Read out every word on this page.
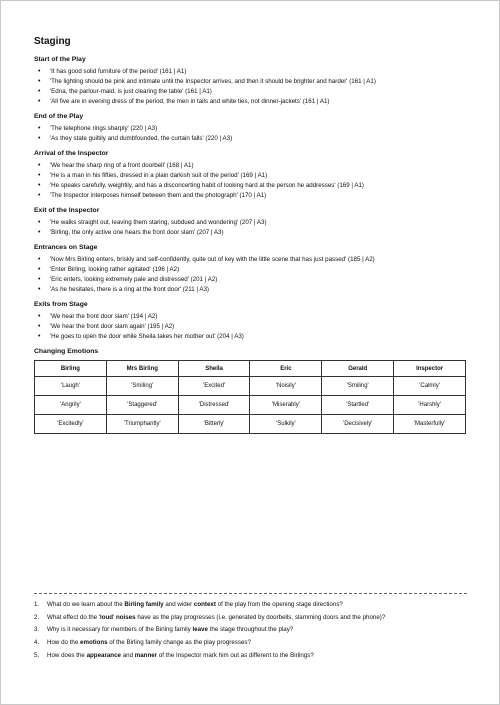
Staging
Start of the Play
• 'It has good solid furniture of the period' (161 | A1)
• 'The lighting should be pink and intimate until the Inspector arrives, and then it should be brighter and harder' (161 | A1)
• 'Edna, the parlour-maid, is just clearing the table' (161 | A1)
• 'All five are in evening dress of the period, the men in tails and white ties, not dinner-jackets' (161 | A1)
End of the Play
• 'The telephone rings sharply' (220 | A3)
• 'As they state guiltily and dumbfounded, the curtain falls' (220 | A3)
Arrival of the Inspector
• 'We hear the sharp ring of a front doorbell' (168 | A1)
• 'He is a man in his fifties, dressed in a plain darkish suit of the period' (169 | A1)
• 'He speaks carefully, weightily, and has a disconcerting habit of looking hard at the person he addresses' (169 | A1)
• 'The Inspector interposes himself between them and the photograph' (170 | A1)
Exit of the Inspector
• 'He walks straight out, leaving them staring, subdued and wondering' (207 | A3)
• 'Birling, the only active one hears the front door slam' (207 | A3)
Entrances on Stage
• 'Now Mrs Birling enters, briskly and self-confidently, quite out of key with the little scene that has just passed' (185 | A2)
• 'Enter Birling, looking rather agitated' (196 | A2)
• 'Eric enters, looking extremely pale and distressed' (201 | A2)
• 'As he hesitates, there is a ring at the front door' (211 | A3)
Exits from Stage
• 'We hear the front door slam' (194 | A2)
• 'We hear the front door slam again' (195 | A2)
• 'He goes to open the door while Sheila takes her mother out' (204 | A3)
Changing Emotions
Birling	Mrs Birling	Sheila	Eric	Gerald	Inspector
'Laugh'	'Smiling'	'Excited'	'Noisily'	'Smiling'	'Calmly'
'Angrily'	'Staggered'	'Distressed'	'Miserably'	'Startled'	'Harshly'
'Excitedly'	'Triumphantly'	'Bitterly'	'Sulkily'	'Decisively'	'Masterfully'
1. What do we learn about the Birling family and wider context of the play from the opening stage directions?
2. What effect do the 'loud' noises have as the play progresses (i.e. generated by doorbells, slamming doors and the phone)?
3. Why is it necessary for members of the Birling family leave the stage throughout the play?
4. How do the emotions of the Birling family change as the play progresses?
5. How does the appearance and manner of the Inspector mark him out as different to the Birlings?
